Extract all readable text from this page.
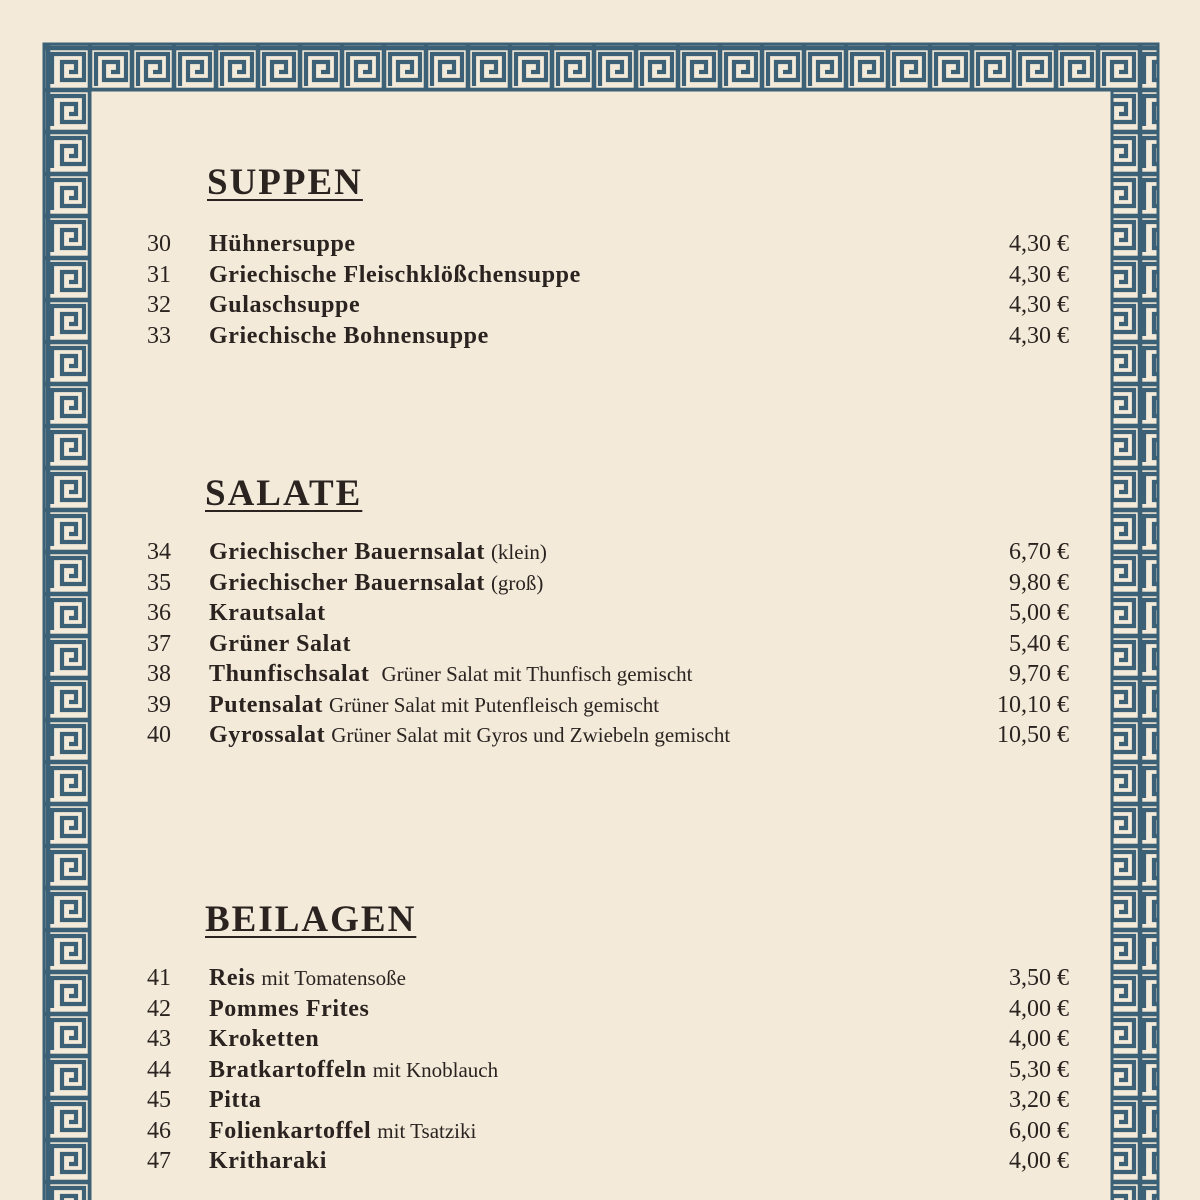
SUPPEN
30	Hühnersuppe	4,30 €
31	Griechische Fleischklößchensuppe	4,30 €
32	Gulaschsuppe	4,30 €
33	Griechische Bohnensuppe	4,30 €
SALATE
34	Griechischer Bauernsalat (klein)	6,70 €
35	Griechischer Bauernsalat (groß)	9,80 €
36	Krautsalat	5,00 €
37	Grüner Salat	5,40 €
38	Thunfischsalat Grüner Salat mit Thunfisch gemischt	9,70 €
39	Putensalat Grüner Salat mit Putenfleisch gemischt	10,10 €
40	Gyrossalat Grüner Salat mit Gyros und Zwiebeln gemischt	10,50 €
BEILAGEN
41	Reis mit Tomatensoße	3,50 €
42	Pommes Frites	4,00 €
43	Kroketten	4,00 €
44	Bratkartoffeln mit Knoblauch	5,30 €
45	Pitta	3,20 €
46	Folienkartoffel mit Tsatziki	6,00 €
47	Kritharaki	4,00 €
